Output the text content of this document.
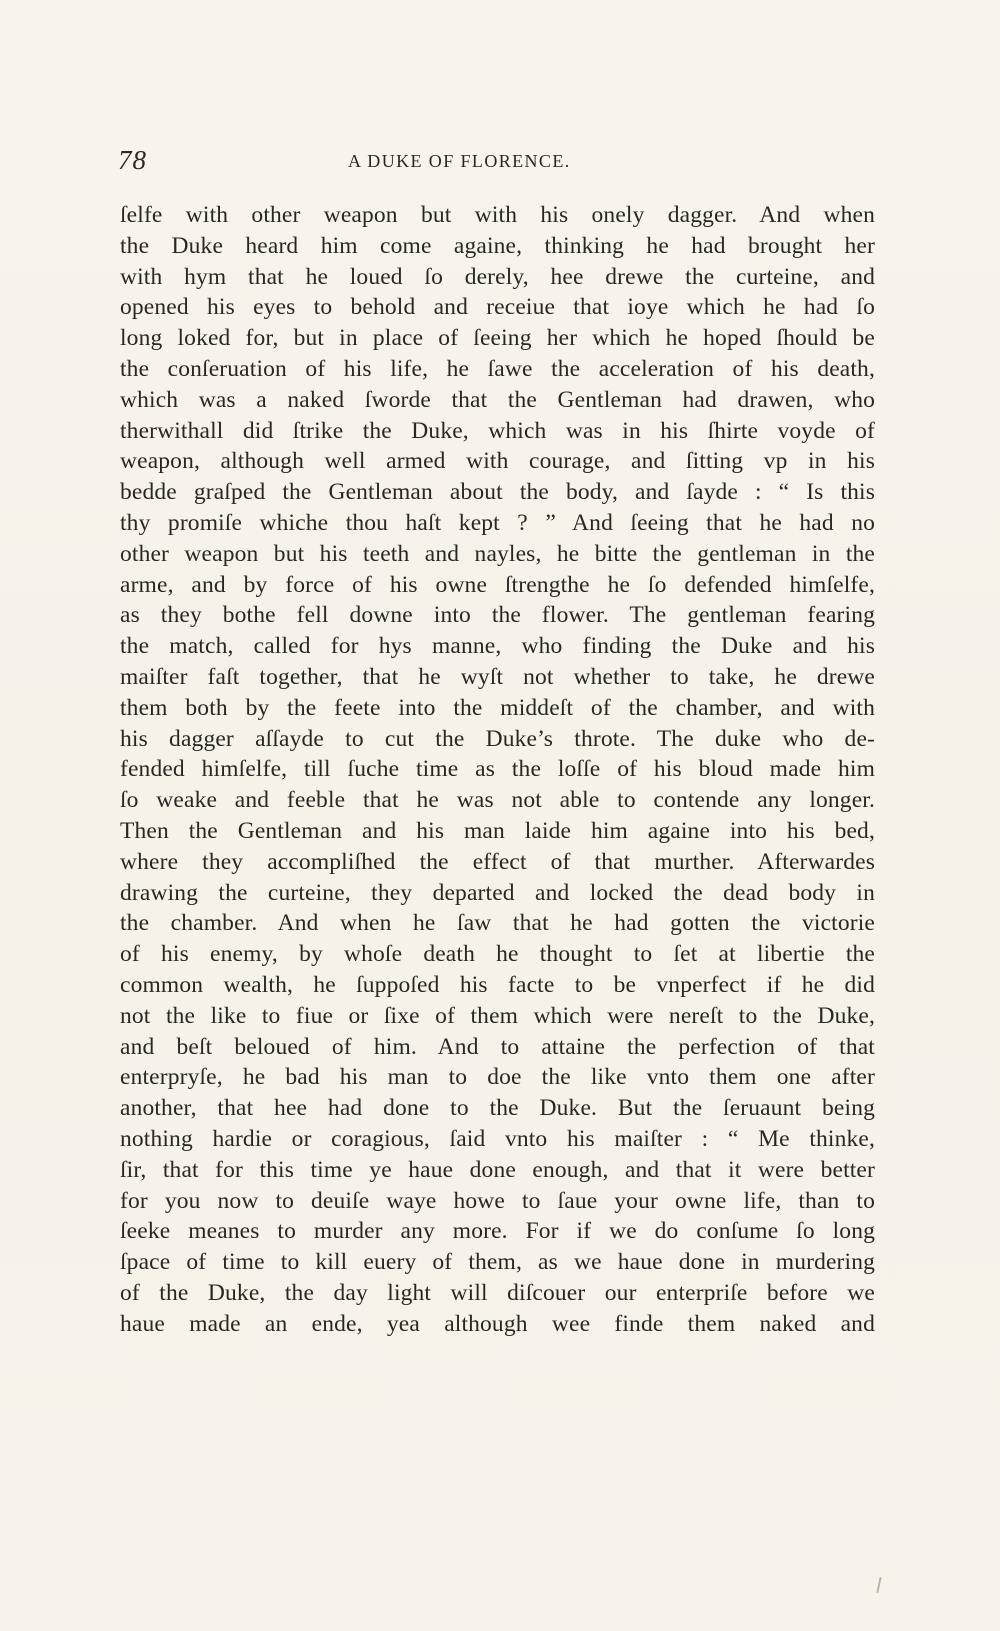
78	A DUKE OF FLORENCE.
ſelfe with other weapon but with his onely dagger. And when
the Duke heard him come againe, thinking he had brought her
with hym that he loued ſo derely, hee drewe the curteine, and
opened his eyes to behold and receiue that ioye which he had ſo
long loked for, but in place of ſeeing her which he hoped ſhould be
the conſeruation of his life, he ſawe the acceleration of his death,
which was a naked ſworde that the Gentleman had drawen, who
therwithall did ſtrike the Duke, which was in his ſhirte voyde of
weapon, although well armed with courage, and ſitting vp in his
bedde graſped the Gentleman about the body, and ſayde : “ Is this
thy promiſe whiche thou haſt kept ? ” And ſeeing that he had no
other weapon but his teeth and nayles, he bitte the gentleman in the
arme, and by force of his owne ſtrengthe he ſo defended himſelfe,
as they bothe fell downe into the flower. The gentleman fearing
the match, called for hys manne, who finding the Duke and his
maiſter faſt together, that he wyſt not whether to take, he drewe
them both by the feete into the middeſt of the chamber, and with
his dagger aſſayde to cut the Duke’s throte. The duke who de-
fended himſelfe, till ſuche time as the loſſe of his bloud made him
ſo weake and feeble that he was not able to contende any longer.
Then the Gentleman and his man laide him againe into his bed,
where they accompliſhed the effect of that murther. Afterwardes
drawing the curteine, they departed and locked the dead body in
the chamber. And when he ſaw that he had gotten the victorie
of his enemy, by whoſe death he thought to ſet at libertie the
common wealth, he ſuppoſed his facte to be vnperfect if he did
not the like to fiue or ſixe of them which were nereſt to the Duke,
and beſt beloued of him. And to attaine the perfection of that
enterpryſe, he bad his man to doe the like vnto them one after
another, that hee had done to the Duke. But the ſeruaunt being
nothing hardie or coragious, ſaid vnto his maiſter : “ Me thinke,
ſir, that for this time ye haue done enough, and that it were better
for you now to deuiſe waye howe to ſaue your owne life, than to
ſeeke meanes to murder any more. For if we do conſume ſo long
ſpace of time to kill euery of them, as we haue done in murdering
of the Duke, the day light will diſcouer our enterpriſe before we
haue made an ende, yea although wee finde them naked and
